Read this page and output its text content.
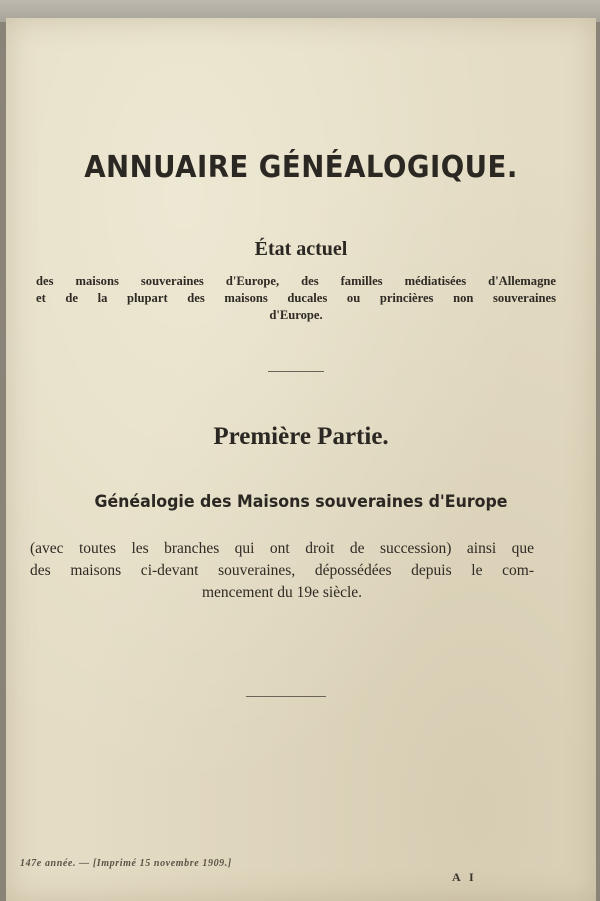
ANNUAIRE GÉNÉALOGIQUE.
État actuel
des maisons souveraines d'Europe, des familles médiatisées d'Allemagne
et de la plupart des maisons ducales ou princières non souveraines
d'Europe.
Première Partie.
Généalogie des Maisons souveraines d'Europe
(avec toutes les branches qui ont droit de succession) ainsi que
des maisons ci-devant souveraines, dépossédées depuis le com-
mencement du 19e siècle.
147e année. — [Imprimé 15 novembre 1909.]
A I
